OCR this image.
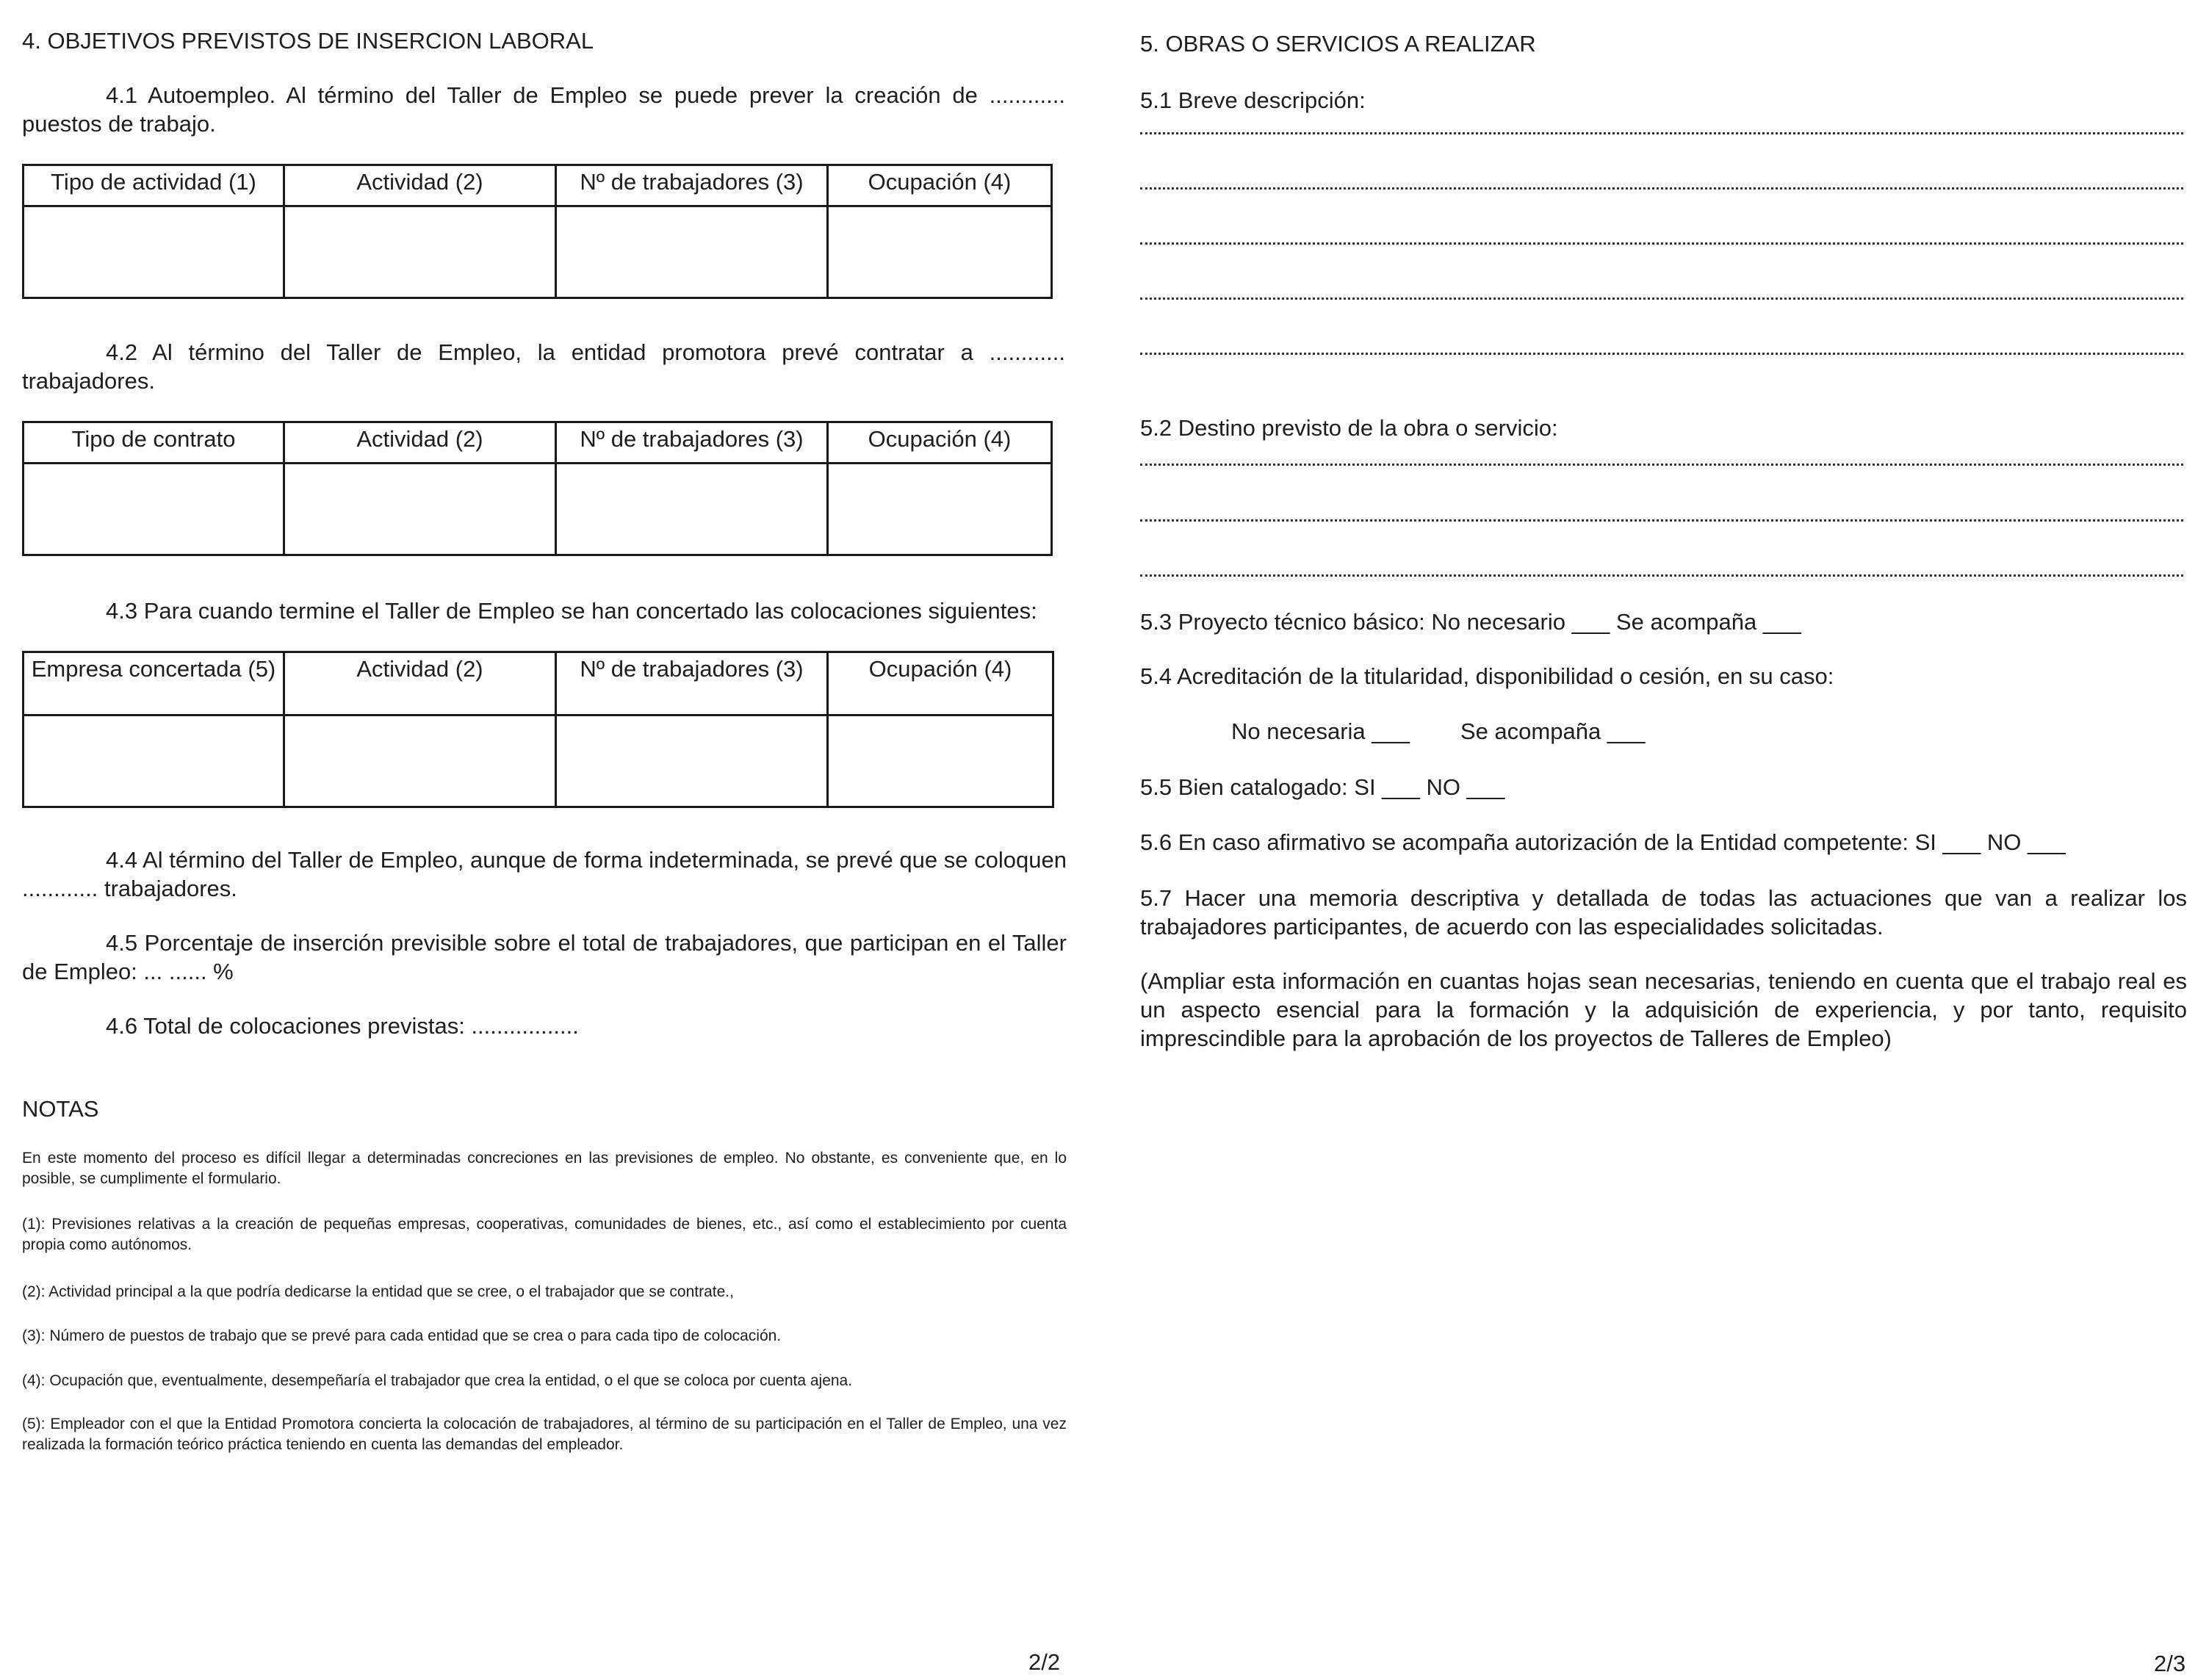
4. OBJETIVOS PREVISTOS DE INSERCION LABORAL
4.1 Autoempleo. Al término del Taller de Empleo se puede prever la creación de ............ puestos de trabajo.
Tipo de actividad (1)	Actividad (2)	Nº de trabajadores (3)	Ocupación (4)

4.2 Al término del Taller de Empleo, la entidad promotora prevé contratar a ............ trabajadores.
Tipo de contrato	Actividad (2)	Nº de trabajadores (3)	Ocupación (4)

4.3 Para cuando termine el Taller de Empleo se han concertado las colocaciones siguientes:
Empresa concertada (5)	Actividad (2)	Nº de trabajadores (3)	Ocupación (4)

4.4 Al término del Taller de Empleo, aunque de forma indeterminada, se prevé que se coloquen ............ trabajadores.
4.5 Porcentaje de inserción previsible sobre el total de trabajadores, que participan en el Taller de Empleo: ... ...... %
4.6 Total de colocaciones previstas: .................
NOTAS
En este momento del proceso es difícil llegar a determinadas concreciones en las previsiones de empleo. No obstante, es conveniente que, en lo posible, se cumplimente el formulario.
(1): Previsiones relativas a la creación de pequeñas empresas, cooperativas, comunidades de bienes, etc., así como el establecimiento por cuenta propia como autónomos.
(2): Actividad principal a la que podría dedicarse la entidad que se cree, o el trabajador que se contrate.,
(3): Número de puestos de trabajo que se prevé para cada entidad que se crea o para cada tipo de colocación.
(4): Ocupación que, eventualmente, desempeñaría el trabajador que crea la entidad, o el que se coloca por cuenta ajena.
(5): Empleador con el que la Entidad Promotora concierta la colocación de trabajadores, al término de su participación en el Taller de Empleo, una vez realizada la formación teórico práctica teniendo en cuenta las demandas del empleador.
2/2
5. OBRAS O SERVICIOS A REALIZAR
5.1 Breve descripción:
5.2 Destino previsto de la obra o servicio:
5.3 Proyecto técnico básico: No necesario ___ Se acompaña ___
5.4 Acreditación de la titularidad, disponibilidad o cesión, en su caso:
No necesaria ___        Se acompaña ___
5.5 Bien catalogado: SI ___ NO ___
5.6 En caso afirmativo se acompaña autorización de la Entidad competente: SI ___ NO ___
5.7 Hacer una memoria descriptiva y detallada de todas las actuaciones que van a realizar los trabajadores participantes, de acuerdo con las especialidades solicitadas.
(Ampliar esta información en cuantas hojas sean necesarias, teniendo en cuenta que el trabajo real es un aspecto esencial para la formación y la adquisición de experiencia, y por tanto, requisito imprescindible para la aprobación de los proyectos de Talleres de Empleo)
2/3
